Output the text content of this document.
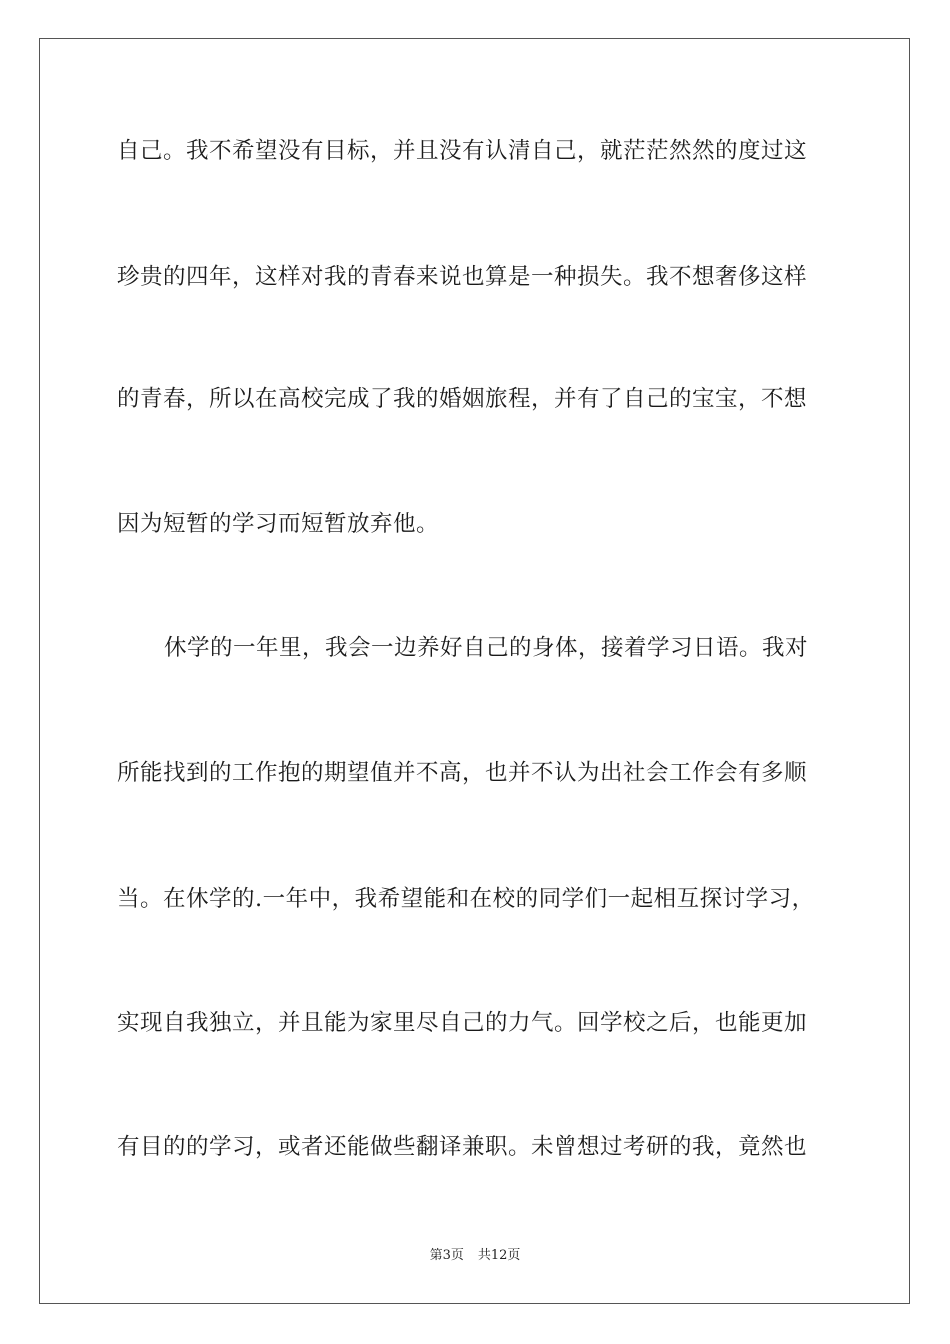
自己。我不希望没有目标，并且没有认清自己，就茫茫然然的度过这
珍贵的四年，这样对我的青春来说也算是一种损失。我不想奢侈这样
的青春，所以在高校完成了我的婚姻旅程，并有了自己的宝宝，不想
因为短暂的学习而短暂放弃他。
休学的一年里，我会一边养好自己的身体，接着学习日语。我对
所能找到的工作抱的期望值并不高，也并不认为出社会工作会有多顺
当。在休学的.一年中，我希望能和在校的同学们一起相互探讨学习，
实现自我独立，并且能为家里尽自己的力气。回学校之后，也能更加
有目的的学习，或者还能做些翻译兼职。未曾想过考研的我，竟然也
第3页 共12页
